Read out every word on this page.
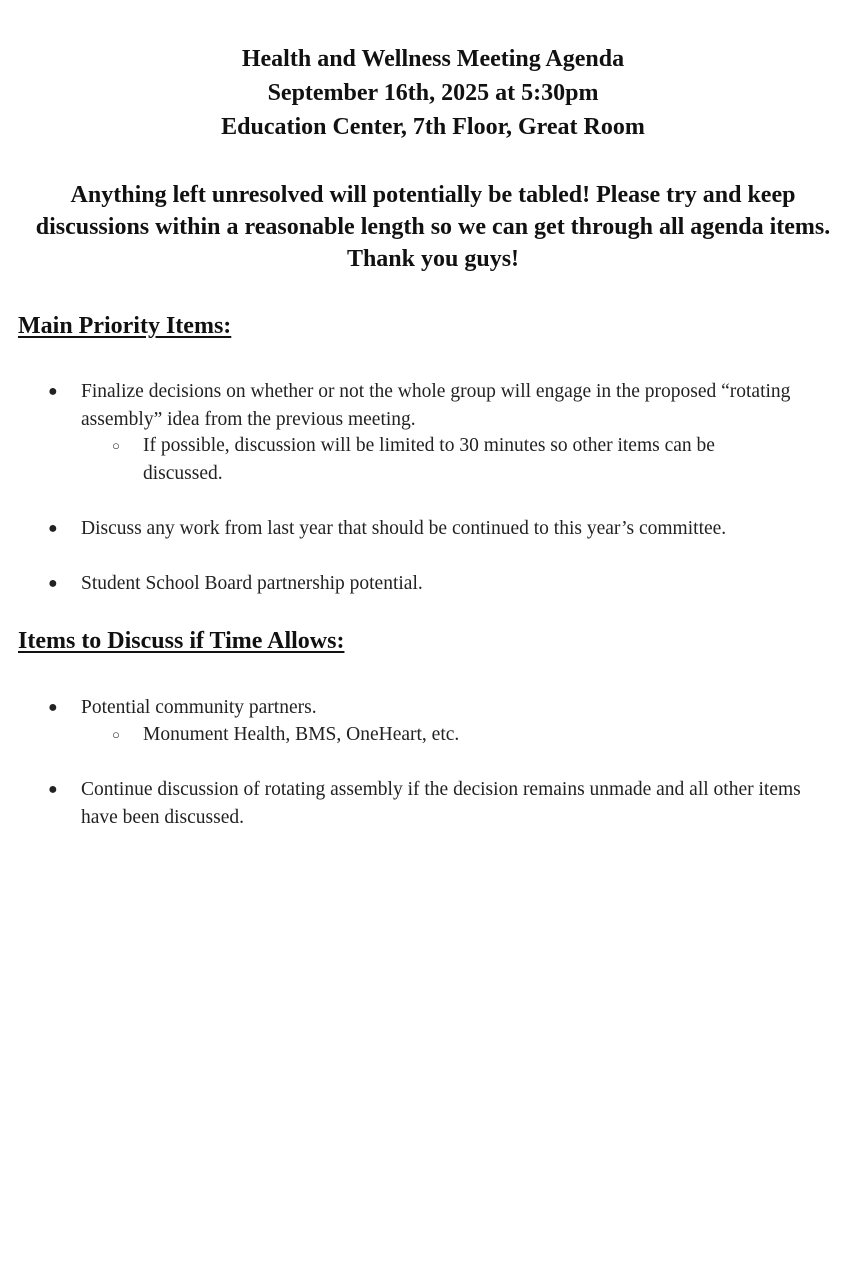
Health and Wellness Meeting Agenda
September 16th, 2025 at 5:30pm
Education Center, 7th Floor, Great Room
Anything left unresolved will potentially be tabled! Please try and keep
discussions within a reasonable length so we can get through all agenda items.
Thank you guys!
Main Priority Items:
● Finalize decisions on whether or not the whole group will engage in the proposed “rotating assembly” idea from the previous meeting.
○ If possible, discussion will be limited to 30 minutes so other items can be discussed.
● Discuss any work from last year that should be continued to this year’s committee.
● Student School Board partnership potential.
Items to Discuss if Time Allows:
● Potential community partners.
○ Monument Health, BMS, OneHeart, etc.
● Continue discussion of rotating assembly if the decision remains unmade and all other items have been discussed.
